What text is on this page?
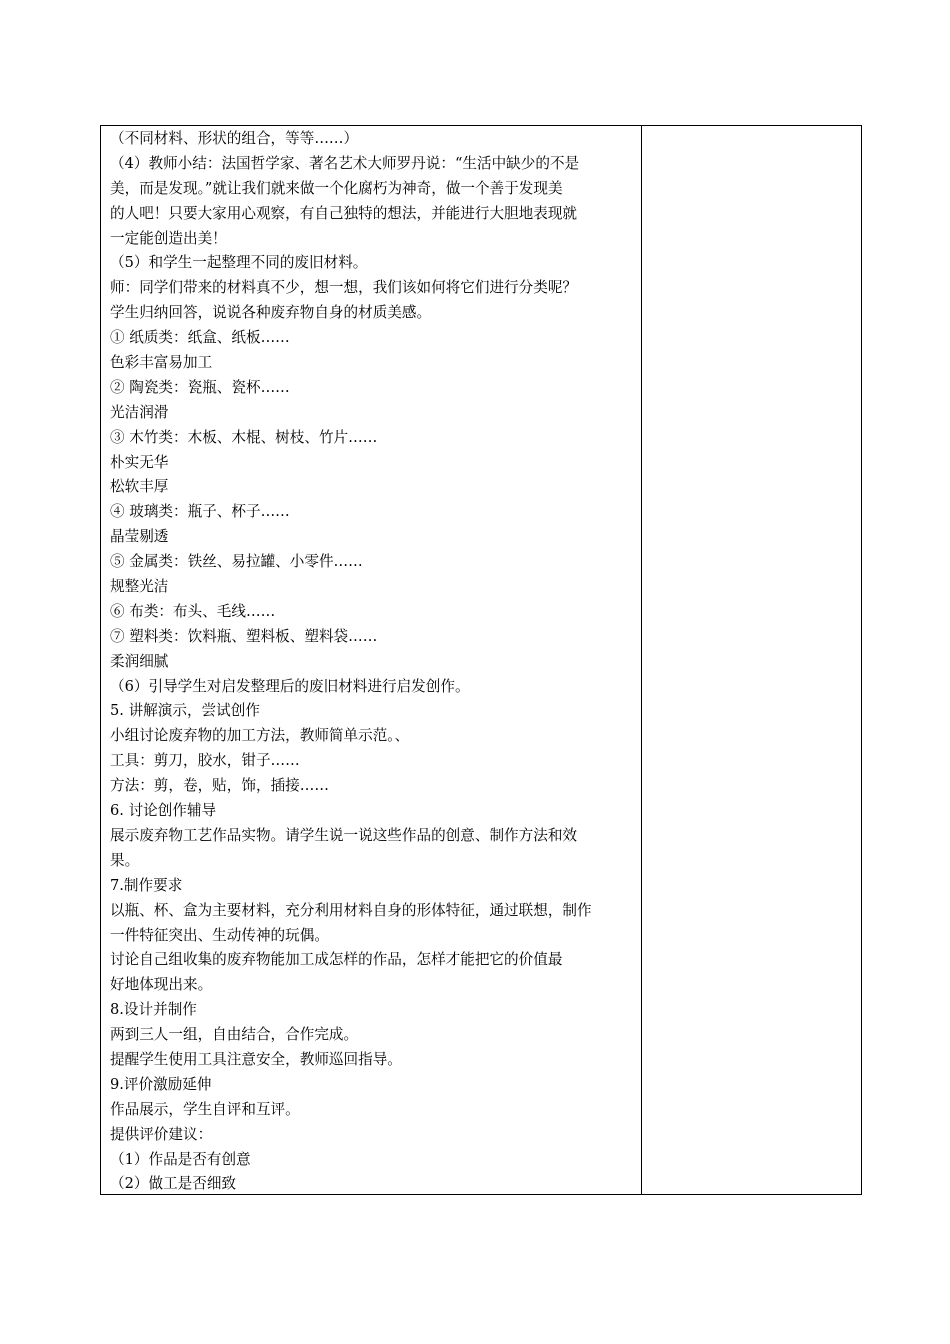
（不同材料、形状的组合，等等……）
（4）教师小结：法国哲学家、著名艺术大师罗丹说：“生活中缺少的不是
美，而是发现。”就让我们就来做一个化腐朽为神奇，做一个善于发现美
的人吧！只要大家用心观察，有自己独特的想法，并能进行大胆地表现就
一定能创造出美！
（5）和学生一起整理不同的废旧材料。
师：同学们带来的材料真不少，想一想，我们该如何将它们进行分类呢？
学生归纳回答，说说各种废弃物自身的材质美感。
① 纸质类：纸盒、纸板……
色彩丰富易加工
② 陶瓷类：瓷瓶、瓷杯……
光洁润滑
③ 木竹类：木板、木棍、树枝、竹片……
朴实无华
松软丰厚
④ 玻璃类：瓶子、杯子……
晶莹剔透
⑤ 金属类：铁丝、易拉罐、小零件……
规整光洁
⑥ 布类：布头、毛线……
⑦ 塑料类：饮料瓶、塑料板、塑料袋……
柔润细腻
（6）引导学生对启发整理后的废旧材料进行启发创作。
5. 讲解演示，尝试创作
小组讨论废弃物的加工方法，教师简单示范。、
工具：剪刀，胶水，钳子……
方法：剪，卷，贴，饰，插接……
6. 讨论创作辅导
展示废弃物工艺作品实物。请学生说一说这些作品的创意、制作方法和效
果。
7.制作要求
以瓶、杯、盒为主要材料，充分利用材料自身的形体特征，通过联想，制作
一件特征突出、生动传神的玩偶。
讨论自己组收集的废弃物能加工成怎样的作品，怎样才能把它的价值最
好地体现出来。
8.设计并制作
两到三人一组，自由结合，合作完成。
提醒学生使用工具注意安全，教师巡回指导。
9.评价激励延伸
作品展示，学生自评和互评。
提供评价建议：
（1）作品是否有创意
（2）做工是否细致
